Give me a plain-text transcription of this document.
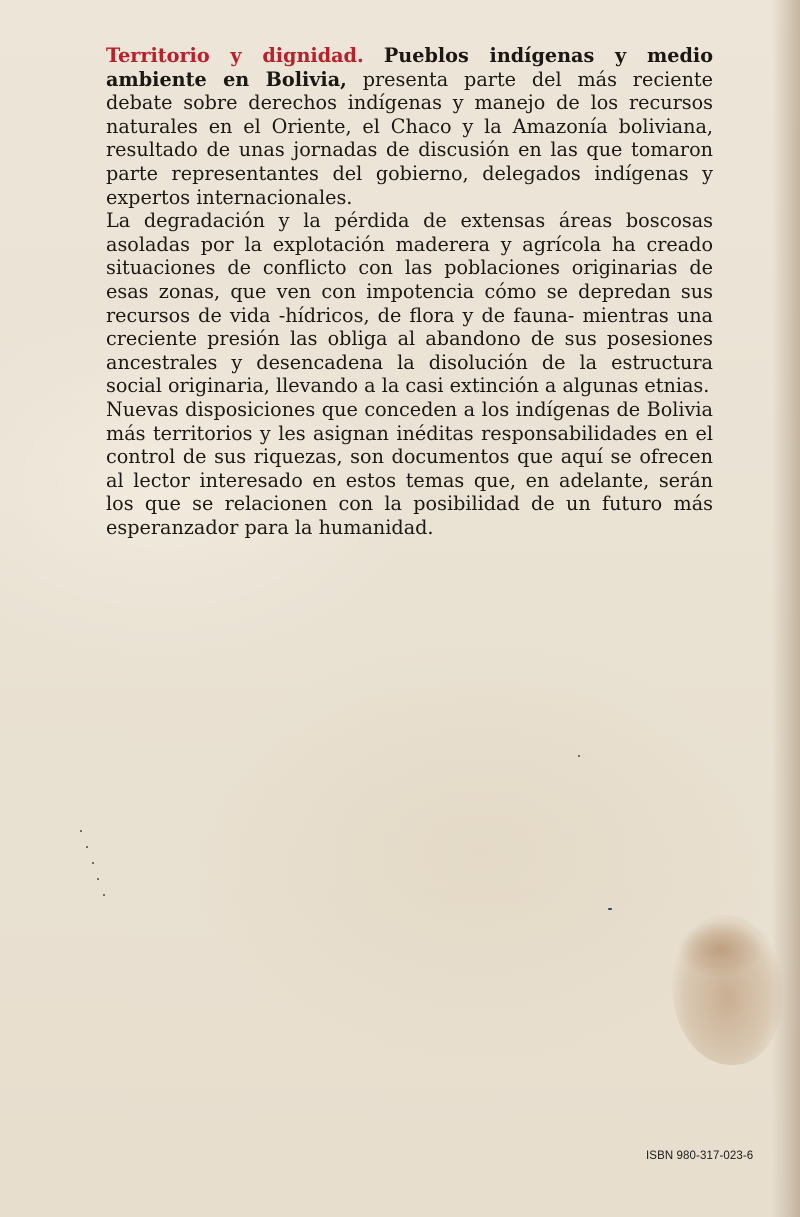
Territorio y dignidad. Pueblos indígenas y medio ambiente en Bolivia, presenta parte del más reciente debate sobre derechos indígenas y manejo de los recursos naturales en el Oriente, el Chaco y la Amazonía boliviana, resultado de unas jornadas de discusión en las que tomaron parte representantes del gobierno, delegados indígenas y expertos internacionales.

La degradación y la pérdida de extensas áreas boscosas asoladas por la explotación maderera y agrícola ha creado situaciones de conflicto con las poblaciones originarias de esas zonas, que ven con impotencia cómo se depredan sus recursos de vida -hídricos, de flora y de fauna- mientras una creciente presión las obliga al abandono de sus posesiones ancestrales y desencadena la disolución de la estructura social originaria, llevando a la casi extinción a algunas etnias.

Nuevas disposiciones que conceden a los indígenas de Bolivia más territorios y les asignan inéditas responsabilidades en el control de sus riquezas, son documentos que aquí se ofrecen al lector interesado en estos temas que, en adelante, serán los que se relacionen con la posibilidad de un futuro más esperanzador para la humanidad.

ISBN 980-317-023-6
